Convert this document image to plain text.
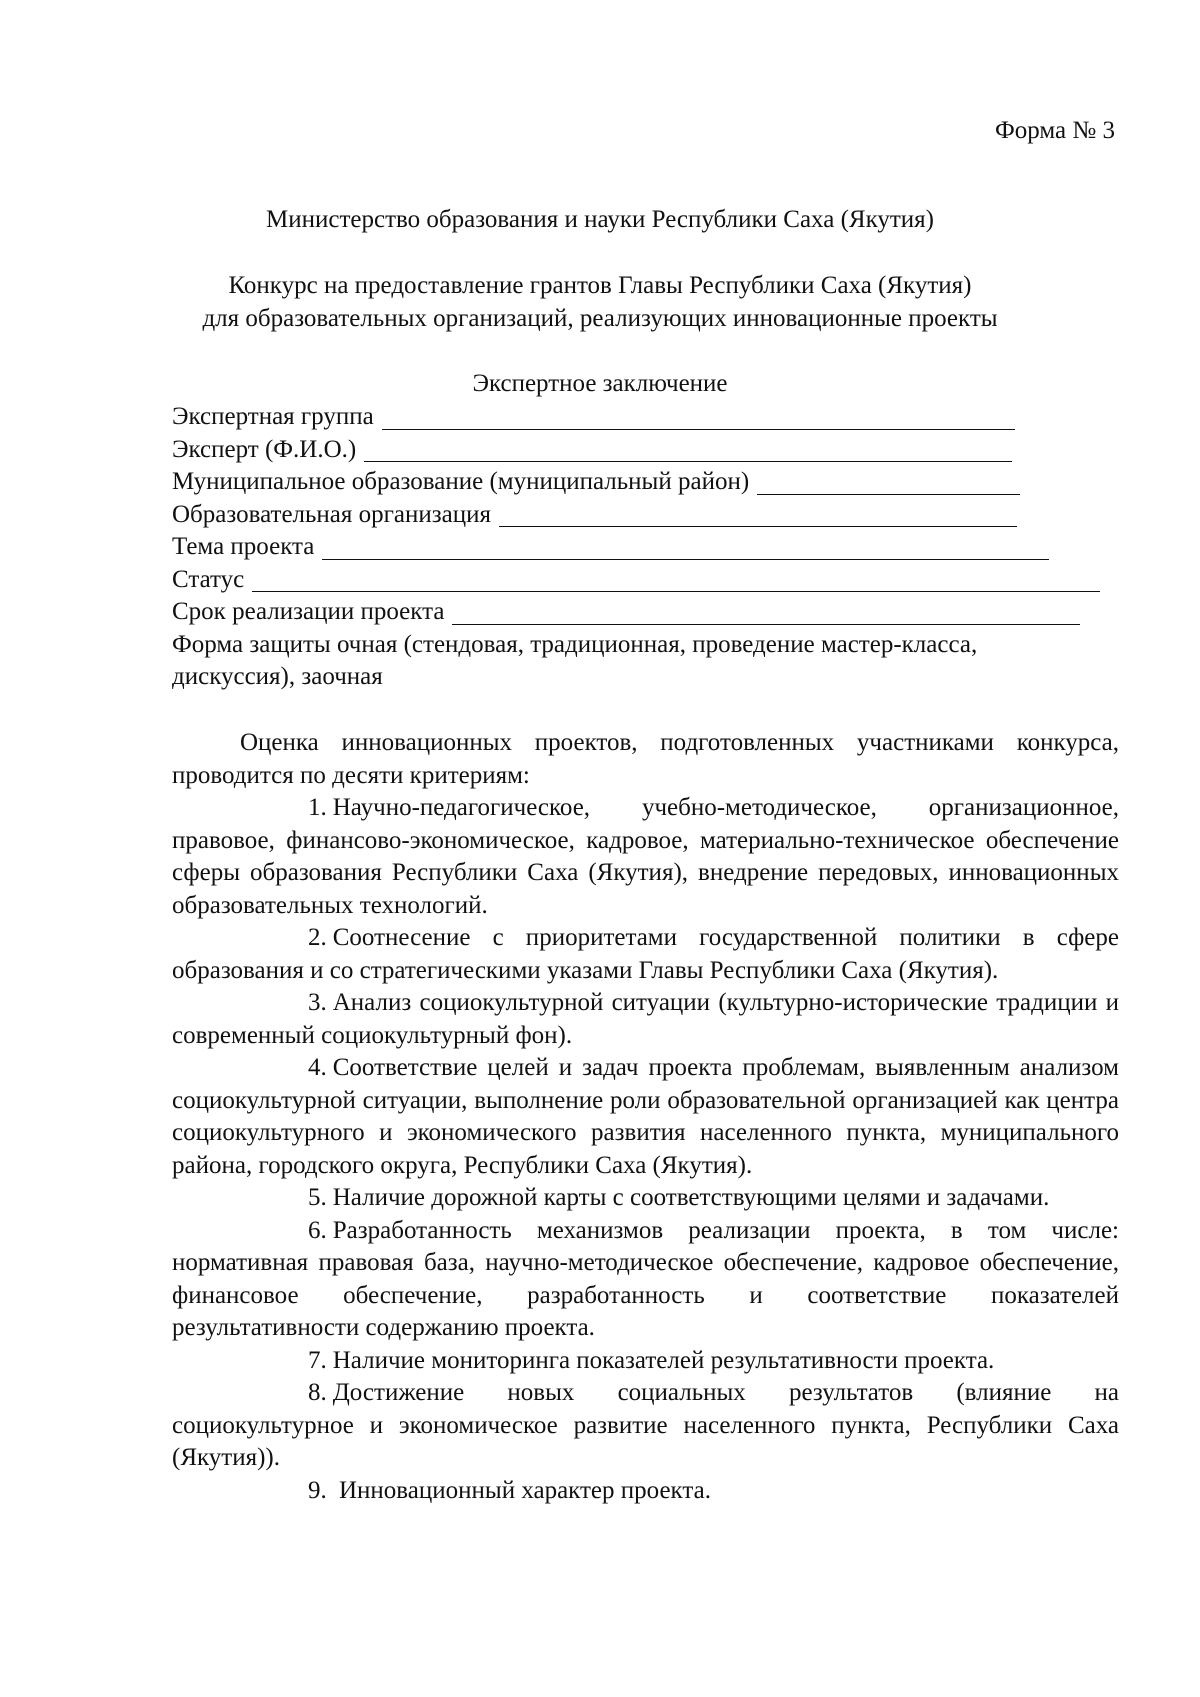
Форма № 3
Министерство образования и науки Республики Саха (Якутия)
Конкурс на предоставление грантов Главы Республики Саха (Якутия)
для образовательных организаций, реализующих инновационные проекты
Экспертное заключение
Экспертная группа
Эксперт (Ф.И.О.)
Муниципальное образование (муниципальный район)
Образовательная организация
Тема проекта
Статус
Срок реализации проекта

Форма защиты очная (стендовая, традиционная, проведение мастер-класса, дискуссия), заочная

Оценка инновационных проектов, подготовленных участниками конкурса, проводится по десяти критериям:

1. Научно-педагогическое, учебно-методическое, организационное, правовое, финансово-экономическое, кадровое, материально-техническое обеспечение сферы образования Республики Саха (Якутия), внедрение передовых, инновационных образовательных технологий.

2. Соотнесение с приоритетами государственной политики в сфере образования и со стратегическими указами Главы Республики Саха (Якутия).

3. Анализ социокультурной ситуации (культурно-исторические традиции и современный социокультурный фон).

4. Соответствие целей и задач проекта проблемам, выявленным анализом социокультурной ситуации, выполнение роли образовательной организацией как центра социокультурного и экономического развития населенного пункта, муниципального района, городского округа, Республики Саха (Якутия).

5. Наличие дорожной карты с соответствующими целями и задачами.

6. Разработанность механизмов реализации проекта, в том числе: нормативная правовая база, научно-методическое обеспечение, кадровое обеспечение, финансовое обеспечение, разработанность и соответствие показателей результативности содержанию проекта.

7. Наличие мониторинга показателей результативности проекта.

8. Достижение новых социальных результатов (влияние на социокультурное и экономическое развитие населенного пункта, Республики Саха (Якутия)).

9. Инновационный характер проекта.
